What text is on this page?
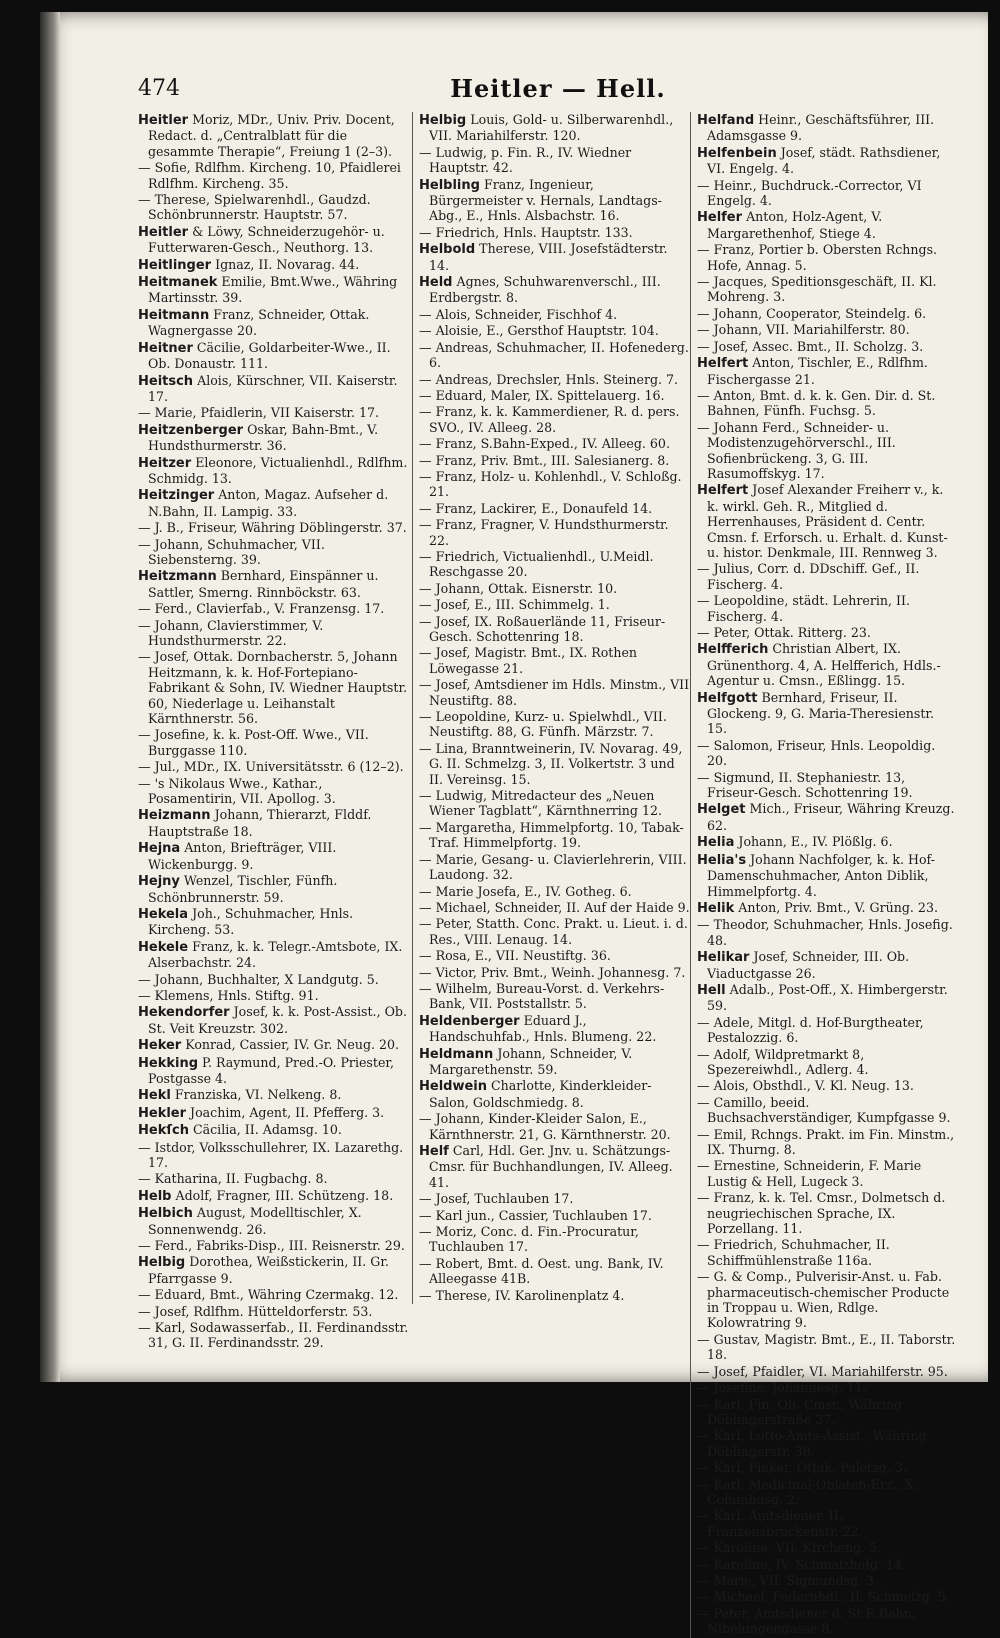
474	Heitler — Hell.
Heitler Moriz, MDr., Univ. Priv. Docent, Redact. d. „Centralblatt für die gesammte Therapie“, Freiung 1 (2–3).
— Sofie, Rdlfhm. Kircheng. 10, Pfaidlerei Rdlfhm. Kircheng. 35.
— Therese, Spielwarenhdl., Gaudzd. Schönbrunnerstr. Hauptstr. 57.
Heitler & Löwy, Schneiderzugehör- u. Futterwaren-Gesch., Neuthorg. 13.
Heitlinger Ignaz, II. Novarag. 44.
Heitmanek Emilie, Bmt.Wwe., Währing Martinsstr. 39.
Heitmann Franz, Schneider, Ottak. Wagnergasse 20.
Heitner Cäcilie, Goldarbeiter-Wwe., II. Ob. Donaustr. 111.
Heitsch Alois, Kürschner, VII. Kaiserstr. 17.
— Marie, Pfaidlerin, VII Kaiserstr. 17.
Heitzenberger Oskar, Bahn-Bmt., V. Hundsthurmerstr. 36.
Heitzer Eleonore, Victualienhdl., Rdlfhm. Schmidg. 13.
Heitzinger Anton, Magaz. Aufseher d. N.Bahn, II. Lampig. 33.
— J. B., Friseur, Währing Döblingerstr. 37.
— Johann, Schuhmacher, VII. Siebensterng. 39.
Heitzmann Bernhard, Einspänner u. Sattler, Smerng. Rinnböckstr. 63.
— Ferd., Clavierfab., V. Franzensg. 17.
— Johann, Clavierstimmer, V. Hundsthurmerstr. 22.
— Josef, Ottak. Dornbacherstr. 5, Johann Heitzmann, k. k. Hof-Fortepiano-Fabrikant & Sohn, IV. Wiedner Hauptstr. 60, Niederlage u. Leihanstalt Kärnthnerstr. 56.
— Josefine, k. k. Post-Off. Wwe., VII. Burggasse 110.
— Jul., MDr., IX. Universitätsstr. 6 (12–2).
— 's Nikolaus Wwe., Kathar., Posamentirin, VII. Apollog. 3.
Heizmann Johann, Thierarzt, Flddf. Hauptstraße 18.
Hejna Anton, Briefträger, VIII. Wickenburgg. 9.
Hejny Wenzel, Tischler, Fünfh. Schönbrunnerstr. 59.
Hekela Joh., Schuhmacher, Hnls. Kircheng. 53.
Hekele Franz, k. k. Telegr.-Amtsbote, IX. Alserbachstr. 24.
— Johann, Buchhalter, X Landgutg. 5.
— Klemens, Hnls. Stiftg. 91.
Hekendorfer Josef, k. k. Post-Assist., Ob. St. Veit Kreuzstr. 302.
Heker Konrad, Cassier, IV. Gr. Neug. 20.
Hekking P. Raymund, Pred.-O. Priester, Postgasse 4.
Hekl Franziska, VI. Nelkeng. 8.
Hekler Joachim, Agent, II. Pfefferg. 3.
Hekſch Cäcilia, II. Adamsg. 10.
— Istdor, Volksschullehrer, IX. Lazarethg. 17.
— Katharina, II. Fugbachg. 8.
Helb Adolf, Fragner, III. Schützeng. 18.
Helbich August, Modelltischler, X. Sonnenwendg. 26.
— Ferd., Fabriks-Disp., III. Reisnerstr. 29.
Helbig Dorothea, Weißstickerin, II. Gr. Pfarrgasse 9.
— Eduard, Bmt., Währing Czermakg. 12.
— Josef, Rdlfhm. Hütteldorferstr. 53.
— Karl, Sodawasserfab., II. Ferdinandsstr. 31, G. II. Ferdinandsstr. 29.
Helbig Louis, Gold- u. Silberwarenhdl., VII. Mariahilferstr. 120.
— Ludwig, p. Fin. R., IV. Wiedner Hauptstr. 42.
Helbling Franz, Ingenieur, Bürgermeister v. Hernals, Landtags-Abg., E., Hnls. Alsbachstr. 16.
— Friedrich, Hnls. Hauptstr. 133.
Helbold Therese, VIII. Josefstädterstr. 14.
Held Agnes, Schuhwarenverschl., III. Erdbergstr. 8.
— Alois, Schneider, Fischhof 4.
— Aloisie, E., Gersthof Hauptstr. 104.
— Andreas, Schuhmacher, II. Hofenederg. 6.
— Andreas, Drechsler, Hnls. Steinerg. 7.
— Eduard, Maler, IX. Spittelauerg. 16.
— Franz, k. k. Kammerdiener, R. d. pers. SVO., IV. Alleeg. 28.
— Franz, S.Bahn-Exped., IV. Alleeg. 60.
— Franz, Priv. Bmt., III. Salesianerg. 8.
— Franz, Holz- u. Kohlenhdl., V. Schloßg. 21.
— Franz, Lackirer, E., Donaufeld 14.
— Franz, Fragner, V. Hundsthurmerstr. 22.
— Friedrich, Victualienhdl., U.Meidl. Reschgasse 20.
— Johann, Ottak. Eisnerstr. 10.
— Josef, E., III. Schimmelg. 1.
— Josef, IX. Roßauerlände 11, Friseur-Gesch. Schottenring 18.
— Josef, Magistr. Bmt., IX. Rothen Löwegasse 21.
— Josef, Amtsdiener im Hdls. Minstm., VII Neustiftg. 88.
— Leopoldine, Kurz- u. Spielwhdl., VII. Neustiftg. 88, G. Fünfh. Märzstr. 7.
— Lina, Branntweinerin, IV. Novarag. 49, G. II. Schmelzg. 3, II. Volkertstr. 3 und II. Vereinsg. 15.
— Ludwig, Mitredacteur des „Neuen Wiener Tagblatt“, Kärnthnerring 12.
— Margaretha, Himmelpfortg. 10, Tabak-Traf. Himmelpfortg. 19.
— Marie, Gesang- u. Clavierlehrerin, VIII. Laudong. 32.
— Marie Josefa, E., IV. Gotheg. 6.
— Michael, Schneider, II. Auf der Haide 9.
— Peter, Statth. Conc. Prakt. u. Lieut. i. d. Res., VIII. Lenaug. 14.
— Rosa, E., VII. Neustiftg. 36.
— Victor, Priv. Bmt., Weinh. Johannesg. 7.
— Wilhelm, Bureau-Vorst. d. Verkehrs-Bank, VII. Poststallstr. 5.
Heldenberger Eduard J., Handschuhfab., Hnls. Blumeng. 22.
Heldmann Johann, Schneider, V. Margarethenstr. 59.
Heldwein Charlotte, Kinderkleider-Salon, Goldschmiedg. 8.
— Johann, Kinder-Kleider Salon, E., Kärnthnerstr. 21, G. Kärnthnerstr. 20.
Helf Carl, Hdl. Ger. Jnv. u. Schätzungs-Cmsr. für Buchhandlungen, IV. Alleeg. 41.
— Josef, Tuchlauben 17.
— Karl jun., Cassier, Tuchlauben 17.
— Moriz, Conc. d. Fin.-Procuratur, Tuchlauben 17.
— Robert, Bmt. d. Oest. ung. Bank, IV. Alleegasse 41B.
— Therese, IV. Karolinenplatz 4.
Helfand Heinr., Geschäftsführer, III. Adamsgasse 9.
Helfenbein Josef, städt. Rathsdiener, VI. Engelg. 4.
— Heinr., Buchdruck.-Corrector, VI Engelg. 4.
Helfer Anton, Holz-Agent, V. Margarethenhof, Stiege 4.
— Franz, Portier b. Obersten Rchngs. Hofe, Annag. 5.
— Jacques, Speditionsgeschäft, II. Kl. Mohreng. 3.
— Johann, Cooperator, Steindelg. 6.
— Johann, VII. Mariahilferstr. 80.
— Josef, Assec. Bmt., II. Scholzg. 3.
Helfert Anton, Tischler, E., Rdlfhm. Fischergasse 21.
— Anton, Bmt. d. k. k. Gen. Dir. d. St. Bahnen, Fünfh. Fuchsg. 5.
— Johann Ferd., Schneider- u. Modistenzugehörverschl., III. Sofienbrückeng. 3, G. III. Rasumoffskyg. 17.
Helfert Josef Alexander Freiherr v., k. k. wirkl. Geh. R., Mitglied d. Herrenhauses, Präsident d. Centr. Cmsn. f. Erforsch. u. Erhalt. d. Kunst- u. histor. Denkmale, III. Rennweg 3.
— Julius, Corr. d. DDschiff. Gef., II. Fischerg. 4.
— Leopoldine, städt. Lehrerin, II. Fischerg. 4.
— Peter, Ottak. Ritterg. 23.
Helfferich Christian Albert, IX. Grünenthorg. 4, A. Helfferich, Hdls.-Agentur u. Cmsn., Eßlingg. 15.
Helfgott Bernhard, Friseur, II. Glockeng. 9, G. Maria-Theresienstr. 15.
— Salomon, Friseur, Hnls. Leopoldig. 20.
— Sigmund, II. Stephaniestr. 13, Friseur-Gesch. Schottenring 19.
Helget Mich., Friseur, Währing Kreuzg. 62.
Helia Johann, E., IV. Plößlg. 6.
Helia's Johann Nachfolger, k. k. Hof-Damenschuhmacher, Anton Diblik, Himmelpfortg. 4.
Helik Anton, Priv. Bmt., V. Grüng. 23.
— Theodor, Schuhmacher, Hnls. Josefig. 48.
Helikar Josef, Schneider, III. Ob. Viaductgasse 26.
Hell Adalb., Post-Off., X. Himbergerstr. 59.
— Adele, Mitgl. d. Hof-Burgtheater, Pestalozzig. 6.
— Adolf, Wildpretmarkt 8, Spezereiwhdl., Adlerg. 4.
— Alois, Obsthdl., V. Kl. Neug. 13.
— Camillo, beeid. Buchsachverständiger, Kumpfgasse 9.
— Emil, Rchngs. Prakt. im Fin. Minstm., IX. Thurng. 8.
— Ernestine, Schneiderin, F. Marie Lustig & Hell, Lugeck 3.
— Franz, k. k. Tel. Cmsr., Dolmetsch d. neugriechischen Sprache, IX. Porzellang. 11.
— Friedrich, Schuhmacher, II. Schiffmühlenstraße 116a.
— G. & Comp., Pulverisir-Anst. u. Fab. pharmaceutisch-chemischer Producte in Troppau u. Wien, Rdlge. Kolowratring 9.
— Gustav, Magistr. Bmt., E., II. Taborstr. 18.
— Josef, Pfaidler, VI. Mariahilferstr. 95.
— Josefine, Johannesg. 11.
— Karl, Fin. Ob. Cmsr., Währing Döblingerstraße 37.
— Karl, Lotto-Amts-Assist., Währing Döblingerstr. 38.
— Karl, Fiaker, Ottak. Paletzg. 3.
— Karl, Medicinal-Oblaten-Erz., X. Columbusg. 2.
— Karl, Amtsdiener, II. Franzensbrückenstr. 22.
— Karoline, VII. Kircheng. 5.
— Karoline, IV. Schmalzhofg. 14.
— Marie, VII. Sigmundsg. 3.
— Michael, Federnhdl., II. Schmelzg. 5.
— Peter, Amtsdiener d. St.E.Bahn, Nibelungengasse 8.
